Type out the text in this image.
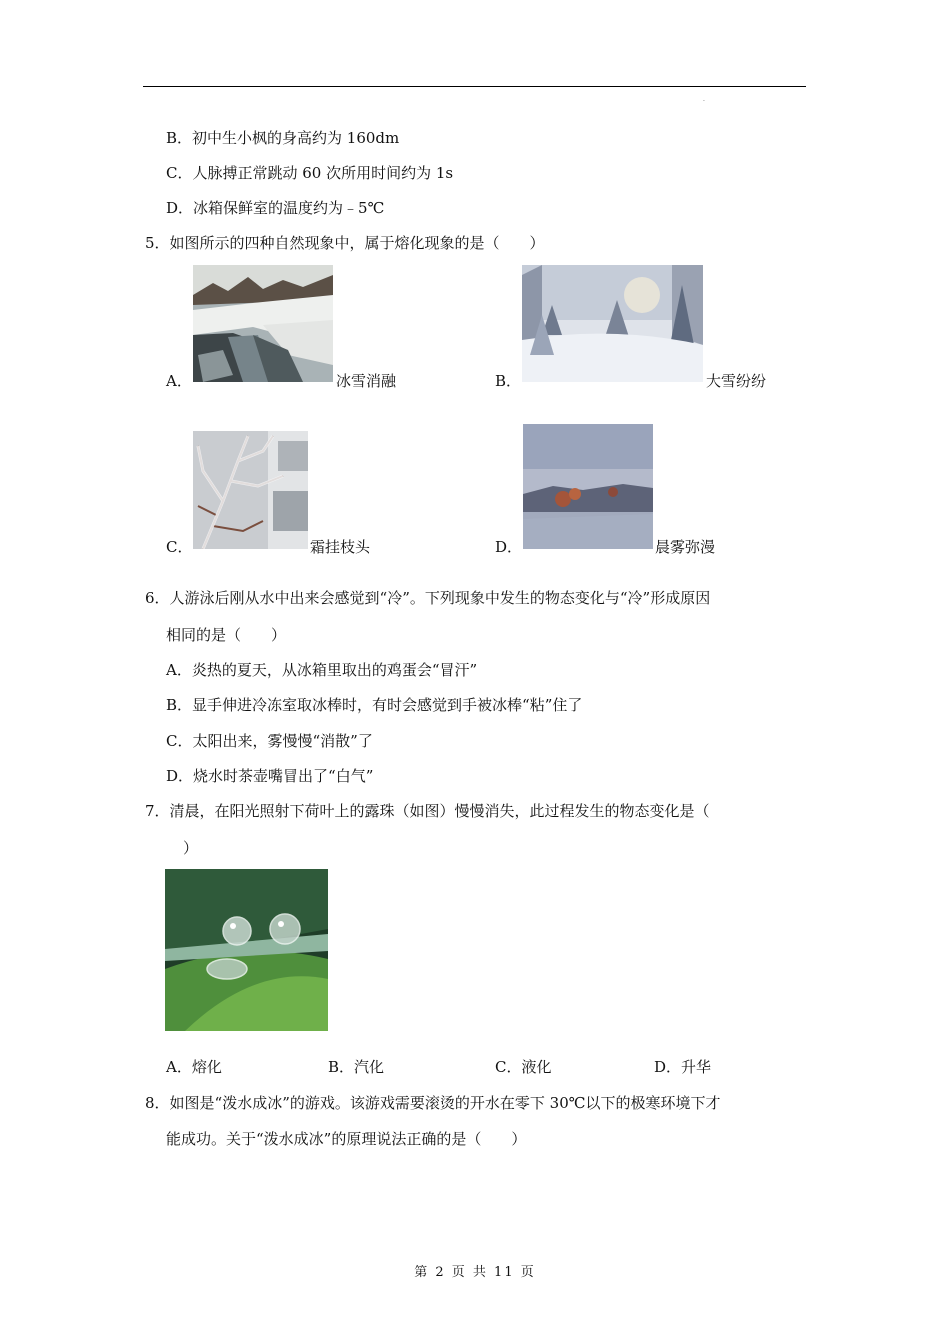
.
B．初中生小枫的身高约为 160dm
C．人脉搏正常跳动 60 次所用时间约为 1s
D．冰箱保鲜室的温度约为﹣5℃
5．如图所示的四种自然现象中，属于熔化现象的是（　　）
A．	冰雪消融	B．	大雪纷纷
C．	霜挂枝头	D．	晨雾弥漫
6．人游泳后刚从水中出来会感觉到“冷”。下列现象中发生的物态变化与“冷”形成原因
相同的是（　　）
A．炎热的夏天，从冰箱里取出的鸡蛋会“冒汗”
B．显手伸进冷冻室取冰棒时，有时会感觉到手被冰棒“粘”住了
C．太阳出来，雾慢慢“消散”了
D．烧水时茶壶嘴冒出了“白气”
7．清晨，在阳光照射下荷叶上的露珠（如图）慢慢消失，此过程发生的物态变化是（
）
A．熔化	B．汽化	C．液化	D．升华
8．如图是“泼水成冰”的游戏。该游戏需要滚烫的开水在零下 30℃以下的极寒环境下才
能成功。关于“泼水成冰”的原理说法正确的是（　　）
第 2 页 共 11 页
